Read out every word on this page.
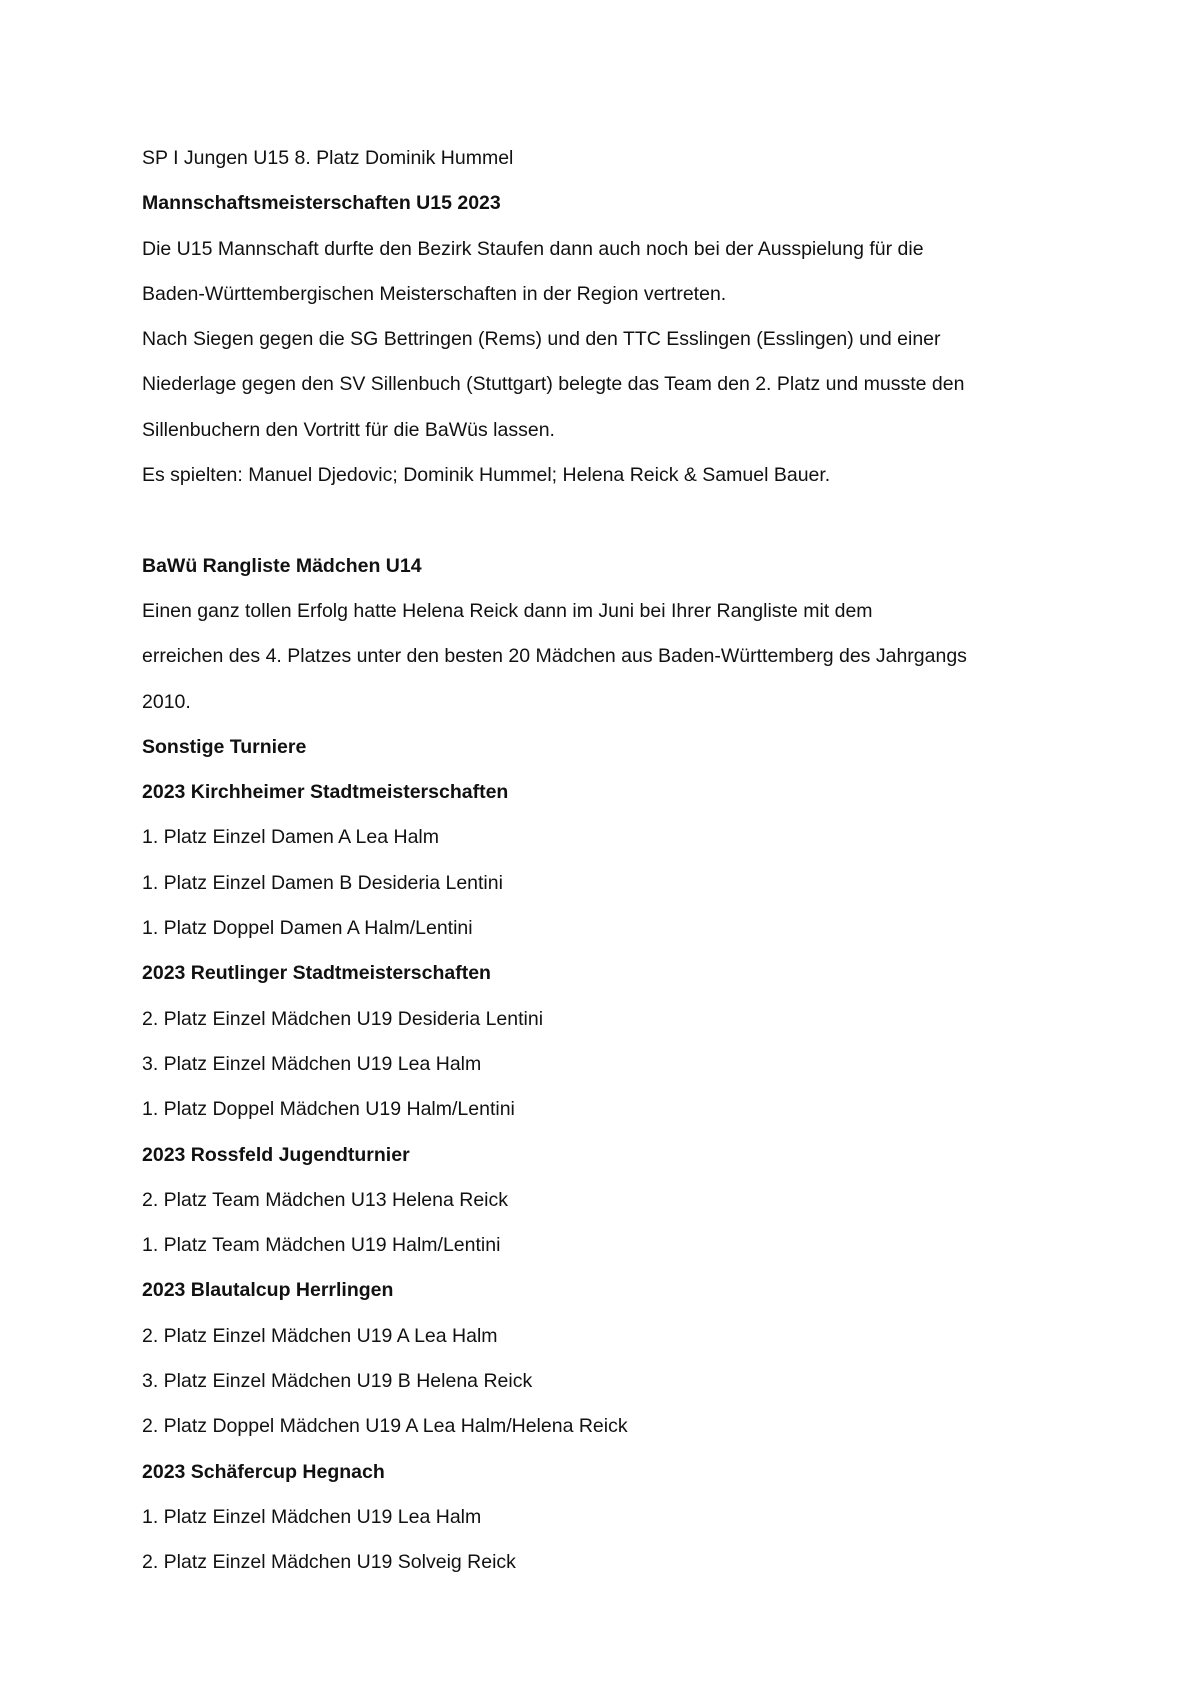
SP I Jungen U15 8. Platz Dominik Hummel
Mannschaftsmeisterschaften U15 2023
Die U15 Mannschaft durfte den Bezirk Staufen dann auch noch bei der Ausspielung für die
Baden-Württembergischen Meisterschaften in der Region vertreten.
Nach Siegen gegen die SG Bettringen (Rems) und den TTC Esslingen (Esslingen) und einer
Niederlage gegen den SV Sillenbuch (Stuttgart) belegte das Team den 2. Platz und musste den
Sillenbuchern den Vortritt für die BaWüs lassen.
Es spielten: Manuel Djedovic; Dominik Hummel; Helena Reick & Samuel Bauer.
BaWü Rangliste Mädchen U14
Einen ganz tollen Erfolg hatte Helena Reick dann im Juni bei Ihrer Rangliste mit dem
erreichen des 4. Platzes unter den besten 20 Mädchen aus Baden-Württemberg des Jahrgangs
2010.
Sonstige Turniere
2023 Kirchheimer Stadtmeisterschaften
1. Platz Einzel Damen A Lea Halm
1. Platz Einzel Damen B Desideria Lentini
1. Platz Doppel Damen A Halm/Lentini
2023 Reutlinger Stadtmeisterschaften
2. Platz Einzel Mädchen U19 Desideria Lentini
3. Platz Einzel Mädchen U19 Lea Halm
1. Platz Doppel Mädchen U19 Halm/Lentini
2023 Rossfeld Jugendturnier
2. Platz Team Mädchen U13 Helena Reick
1. Platz Team Mädchen U19 Halm/Lentini
2023 Blautalcup Herrlingen
2. Platz Einzel Mädchen U19 A Lea Halm
3. Platz Einzel Mädchen U19 B Helena Reick
2. Platz Doppel Mädchen U19 A Lea Halm/Helena Reick
2023 Schäfercup Hegnach
1. Platz Einzel Mädchen U19 Lea Halm
2. Platz Einzel Mädchen U19 Solveig Reick
